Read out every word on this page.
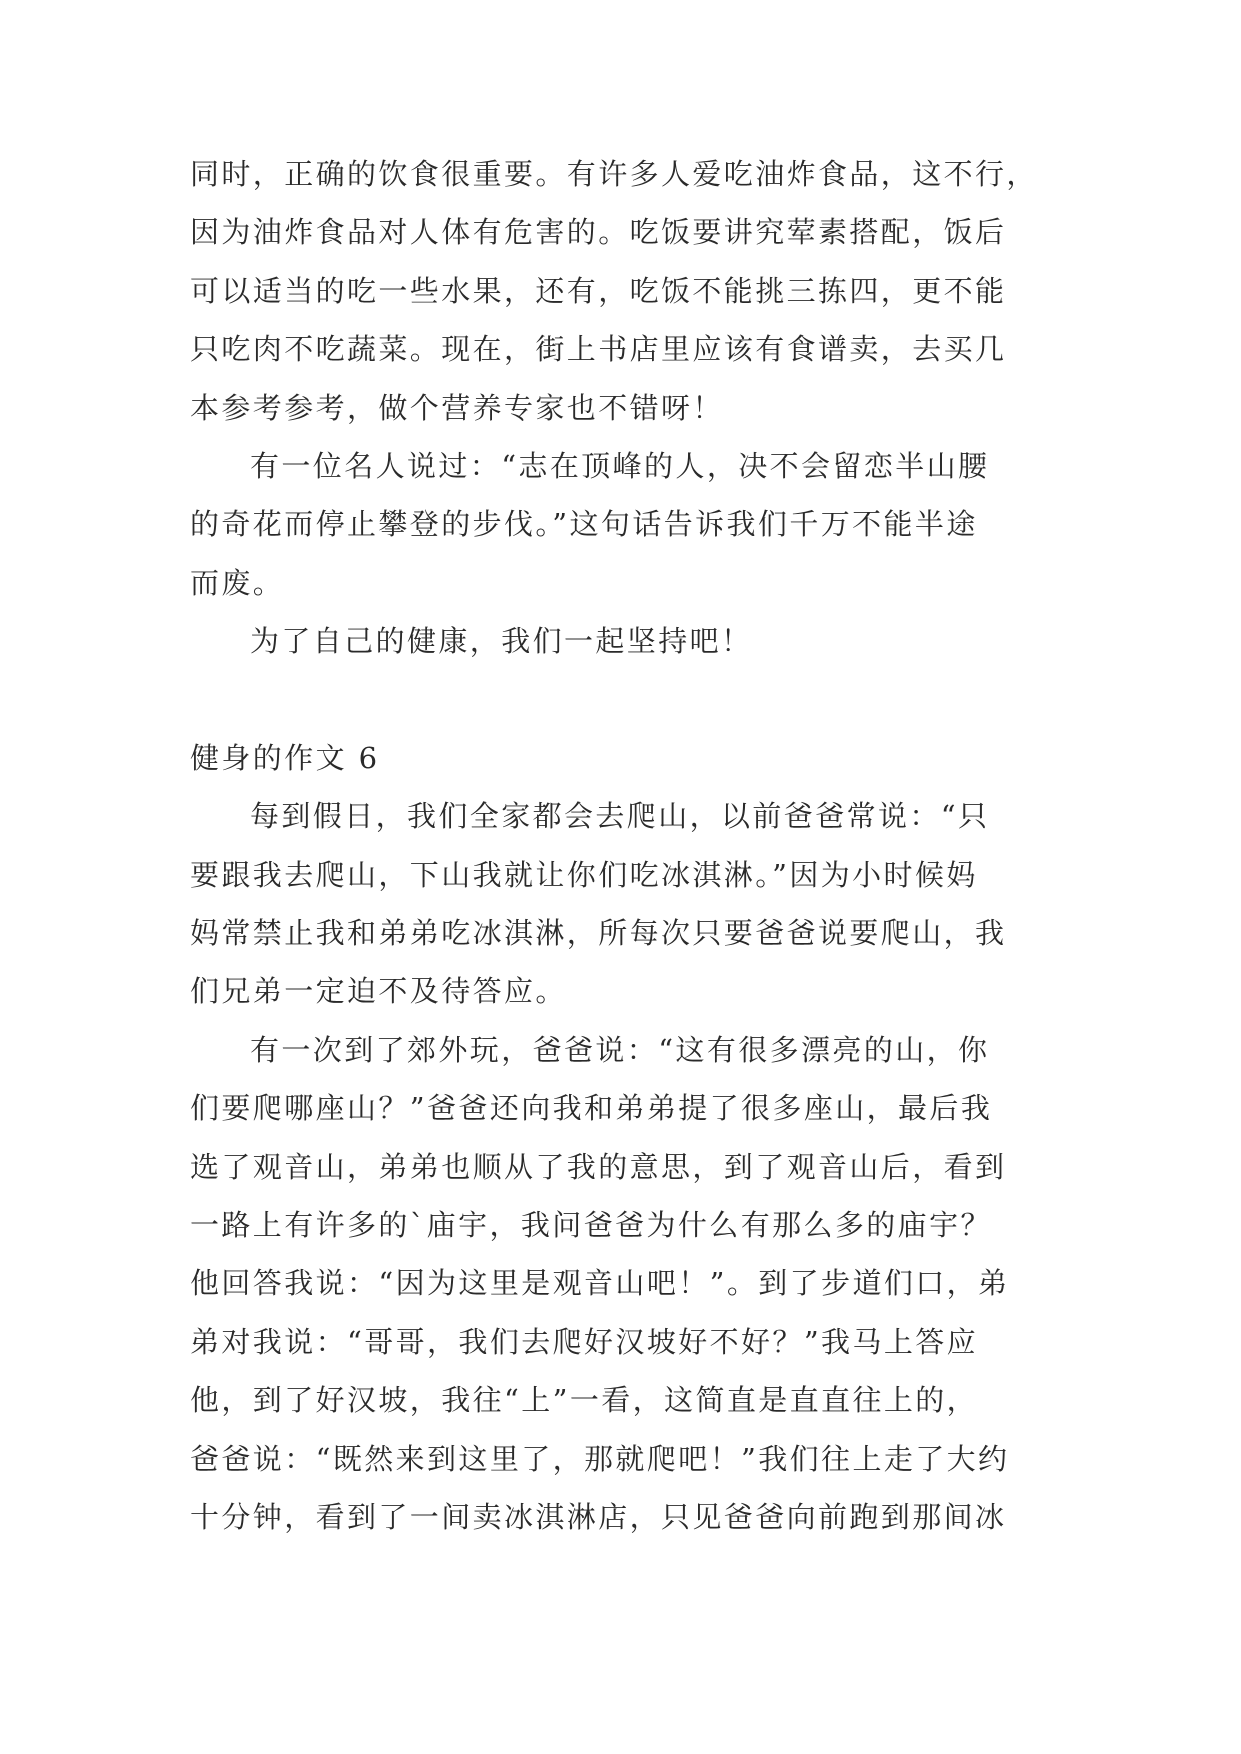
同时，正确的饮食很重要。有许多人爱吃油炸食品，这不行，
因为油炸食品对人体有危害的。吃饭要讲究荤素搭配，饭后
可以适当的吃一些水果，还有，吃饭不能挑三拣四，更不能
只吃肉不吃蔬菜。现在，街上书店里应该有食谱卖，去买几
本参考参考，做个营养专家也不错呀！
有一位名人说过：“志在顶峰的人，决不会留恋半山腰
的奇花而停止攀登的步伐。”这句话告诉我们千万不能半途
而废。
为了自己的健康，我们一起坚持吧！
健身的作文 6
每到假日，我们全家都会去爬山，以前爸爸常说：“只
要跟我去爬山，下山我就让你们吃冰淇淋。”因为小时候妈
妈常禁止我和弟弟吃冰淇淋，所每次只要爸爸说要爬山，我
们兄弟一定迫不及待答应。
有一次到了郊外玩，爸爸说：“这有很多漂亮的山，你
们要爬哪座山？”爸爸还向我和弟弟提了很多座山，最后我
选了观音山，弟弟也顺从了我的意思，到了观音山后，看到
一路上有许多的`庙宇，我问爸爸为什么有那么多的庙宇？
他回答我说：“因为这里是观音山吧！”。到了步道们口，弟
弟对我说：“哥哥，我们去爬好汉坡好不好？”我马上答应
他，到了好汉坡，我往“上”一看，这简直是直直往上的，
爸爸说：“既然来到这里了，那就爬吧！”我们往上走了大约
十分钟，看到了一间卖冰淇淋店，只见爸爸向前跑到那间冰
